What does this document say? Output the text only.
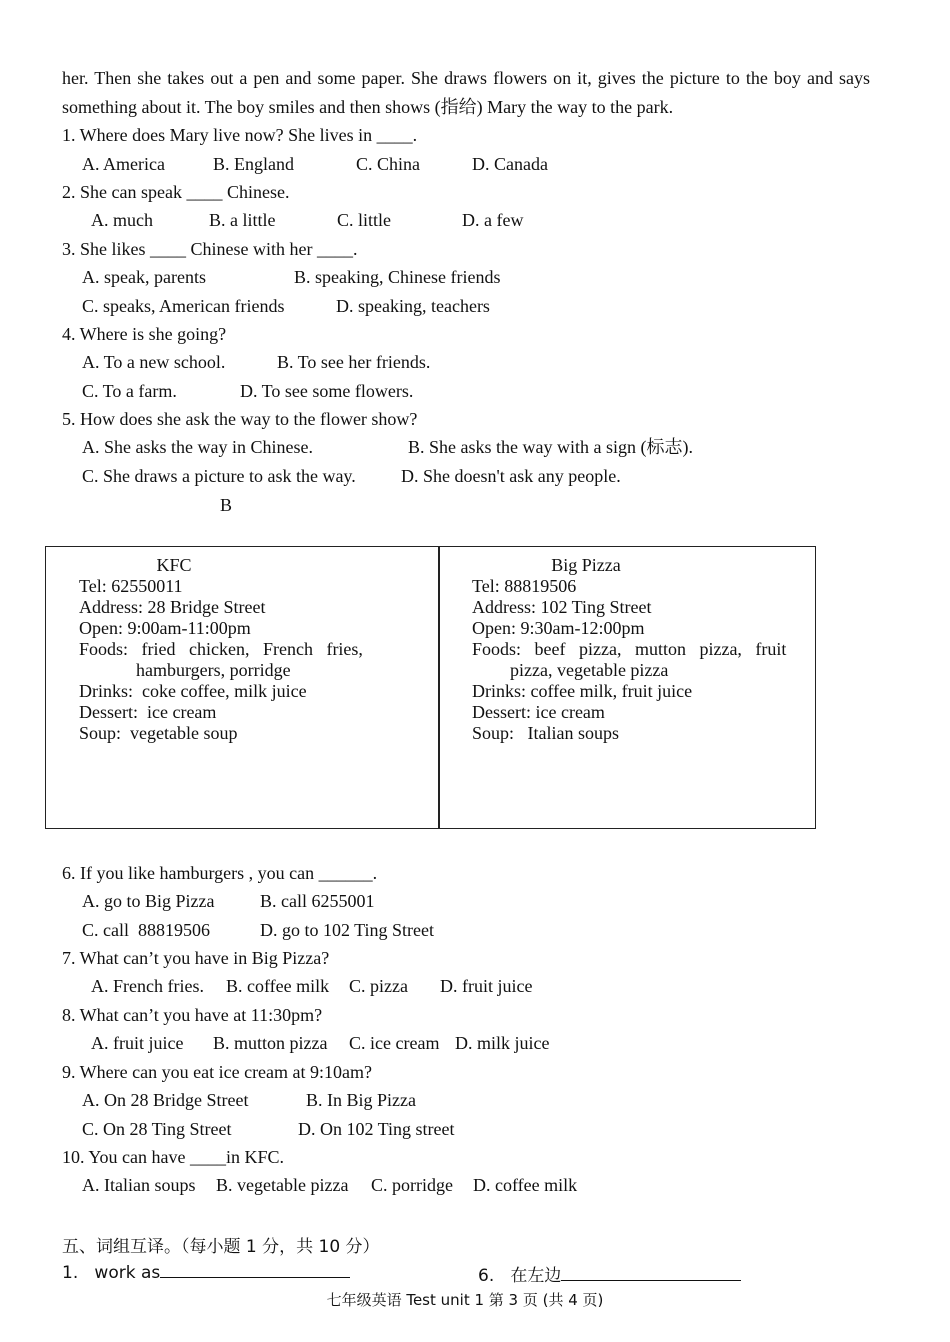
her. Then she takes out a pen and some paper. She draws flowers on it, gives the picture to the boy and says something about it. The boy smiles and then shows (指给) Mary the way to the park.
1. Where does Mary live now? She lives in ____.
A. America	B. England	C. China	D. Canada
2. She can speak ____ Chinese.
A. much	B. a little	C. little	D. a few
3. She likes ____ Chinese with her ____.
A. speak, parents	B. speaking, Chinese friends
C. speaks, American friends	D. speaking, teachers
4. Where is she going?
A. To a new school.	B. To see her friends.
C. To a farm.	D. To see some flowers.
5. How does she ask the way to the flower show?
A. She asks the way in Chinese.	B. She asks the way with a sign (标志).
C. She draws a picture to ask the way.	D. She doesn't ask any people.
B
KFC
Tel: 62550011
Address: 28 Bridge Street
Open: 9:00am-11:00pm
Foods:   fried   chicken,   French   fries,
hamburgers, porridge
Drinks:  coke coffee, milk juice
Dessert:  ice cream
Soup:  vegetable soup
Big Pizza
Tel: 88819506
Address: 102 Ting Street
Open: 9:30am-12:00pm
Foods:   beef   pizza,   mutton   pizza,   fruit
pizza, vegetable pizza
Drinks: coffee milk, fruit juice
Dessert: ice cream
Soup:   Italian soups
6. If you like hamburgers , you can ______.
A. go to Big Pizza	B. call 6255001
C. call  88819506	D. go to 102 Ting Street
7. What can’t you have in Big Pizza?
A. French fries. B. coffee milk C. pizza D. fruit juice
8. What can’t you have at 11:30pm?
A. fruit juice B. mutton pizza C. ice cream D. milk juice
9. Where can you eat ice cream at 9:10am?
A. On 28 Bridge Street	B. In Big Pizza
C. On 28 Ting Street	D. On 102 Ting street
10. You can have ____in KFC.
A. Italian soups B. vegetable pizza C. porridge D. coffee milk
五、词组互译。（每小题 1 分，共 10 分）
1.   work as	6.   在左边
七年级英语 Test unit 1 第 3 页 (共 4 页)
